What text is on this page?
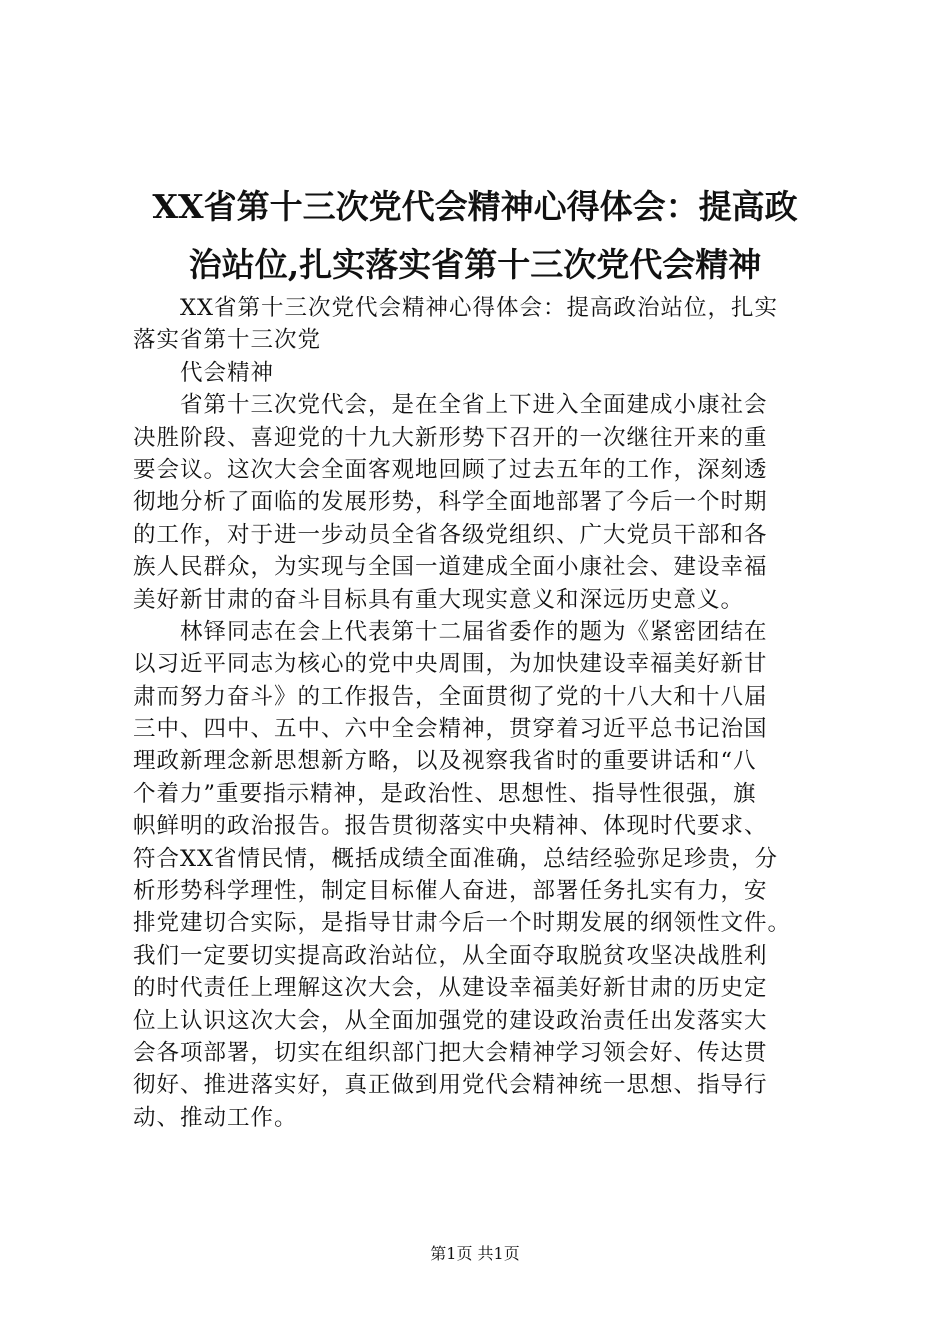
XX省第十三次党代会精神心得体会：提高政
治站位,扎实落实省第十三次党代会精神
XX省第十三次党代会精神心得体会：提高政治站位，扎实
落实省第十三次党
代会精神
省第十三次党代会，是在全省上下进入全面建成小康社会
决胜阶段、喜迎党的十九大新形势下召开的一次继往开来的重
要会议。这次大会全面客观地回顾了过去五年的工作，深刻透
彻地分析了面临的发展形势，科学全面地部署了今后一个时期
的工作，对于进一步动员全省各级党组织、广大党员干部和各
族人民群众，为实现与全国一道建成全面小康社会、建设幸福
美好新甘肃的奋斗目标具有重大现实意义和深远历史意义。
林铎同志在会上代表第十二届省委作的题为《紧密团结在
以习近平同志为核心的党中央周围，为加快建设幸福美好新甘
肃而努力奋斗》的工作报告，全面贯彻了党的十八大和十八届
三中、四中、五中、六中全会精神，贯穿着习近平总书记治国
理政新理念新思想新方略，以及视察我省时的重要讲话和“八
个着力”重要指示精神，是政治性、思想性、指导性很强，旗
帜鲜明的政治报告。报告贯彻落实中央精神、体现时代要求、
符合XX省情民情，概括成绩全面准确，总结经验弥足珍贵，分
析形势科学理性，制定目标催人奋进，部署任务扎实有力，安
排党建切合实际，是指导甘肃今后一个时期发展的纲领性文件。
我们一定要切实提高政治站位，从全面夺取脱贫攻坚决战胜利
的时代责任上理解这次大会，从建设幸福美好新甘肃的历史定
位上认识这次大会，从全面加强党的建设政治责任出发落实大
会各项部署，切实在组织部门把大会精神学习领会好、传达贯
彻好、推进落实好，真正做到用党代会精神统一思想、指导行
动、推动工作。
第1页 共1页
